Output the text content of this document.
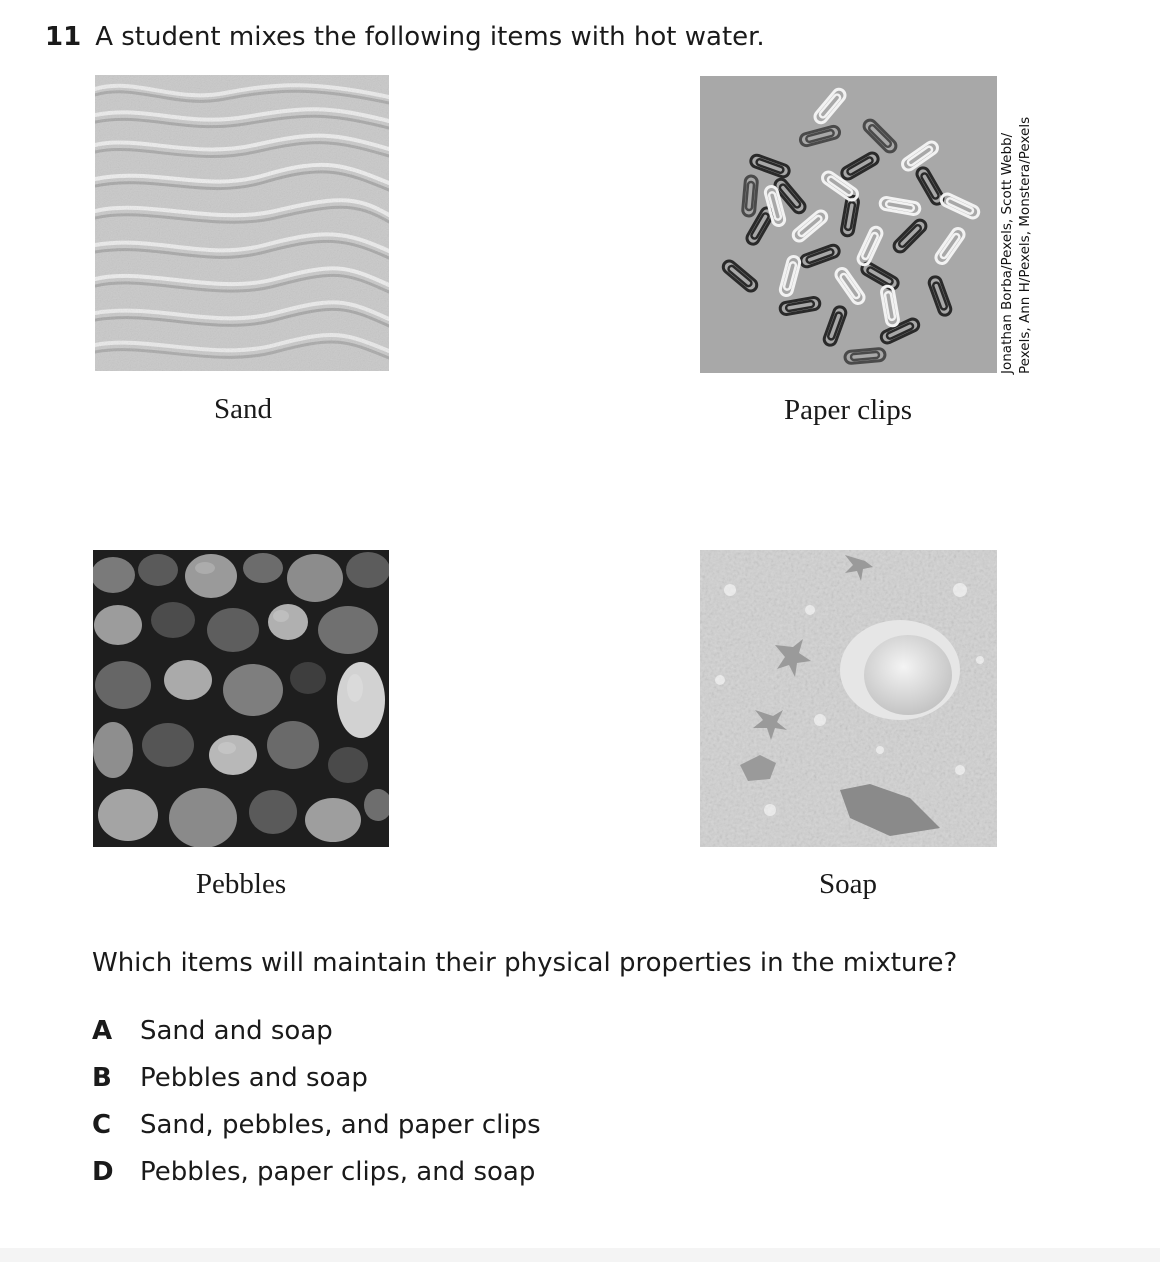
11 A student mixes the following items with hot water.
Sand	Paper clips
Jonathan Borba/Pexels, Scott Webb/ Pexels, Ann H/Pexels, Monstera/Pexels
Pebbles	Soap
Which items will maintain their physical properties in the mixture?
A	Sand and soap
B	Pebbles and soap
C	Sand, pebbles, and paper clips
D	Pebbles, paper clips, and soap
